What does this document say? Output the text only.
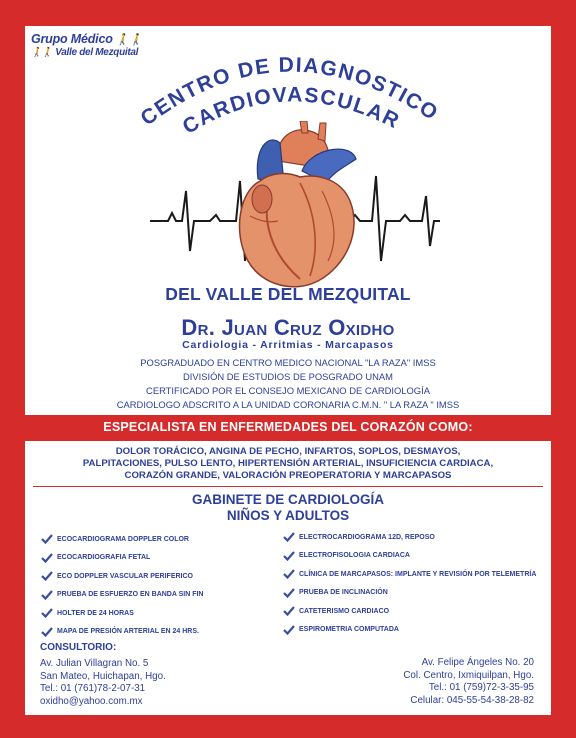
Grupo Médico 🚶🚶
🚶🚶 Valle del Mezquital
CENTRO DE DIAGNOSTICO
CARDIOVASCULAR
DEL VALLE DEL MEZQUITAL
Dr. Juan Cruz Oxidho
Cardiologia - Arritmias - Marcapasos
POSGRADUADO EN CENTRO MEDICO NACIONAL "LA RAZA" IMSS
DIVISIÓN DE ESTUDIOS DE POSGRADO UNAM
CERTIFICADO POR EL CONSEJO MEXICANO DE CARDIOLOGÍA
CARDIOLOGO ADSCRITO A LA UNIDAD CORONARIA C.M.N. " LA RAZA " IMSS
ESPECIALISTA EN ENFERMEDADES DEL CORAZÓN COMO:
DOLOR TORÁCICO, ANGINA DE PECHO, INFARTOS, SOPLOS, DESMAYOS,
PALPITACIONES, PULSO LENTO, HIPERTENSIÓN ARTERIAL, INSUFICIENCIA CARDIACA,
CORAZÓN GRANDE, VALORACIÓN PREOPERATORIA Y MARCAPASOS
GABINETE DE CARDIOLOGÍA
NIÑOS Y ADULTOS
ECOCARDIOGRAMA DOPPLER COLOR
ECOCARDIOGRAFIA FETAL
ECO DOPPLER VASCULAR PERIFERICO
PRUEBA DE ESFUERZO EN BANDA SIN FIN
HOLTER DE 24 HORAS
MAPA DE PRESIÓN ARTERIAL EN 24 HRS.
ELECTROCARDIOGRAMA 12D, REPOSO
ELECTROFISOLOGIA CARDIACA
CLÍNICA DE MARCAPASOS: IMPLANTE Y REVISIÓN POR TELEMETRÍA
PRUEBA DE INCLINACIÓN
CATETERISMO CARDIACO
ESPIROMETRIA COMPUTADA
CONSULTORIO:
Av. Julian Villagran No. 5
San Mateo, Huichapan, Hgo.
Tel.: 01 (761)78-2-07-31
oxidho@yahoo.com.mx
Av. Felipe Ángeles No. 20
Col. Centro, Ixmiquilpan, Hgo.
Tel.: 01 (759)72-3-35-95
Celular: 045-55-54-38-28-82
